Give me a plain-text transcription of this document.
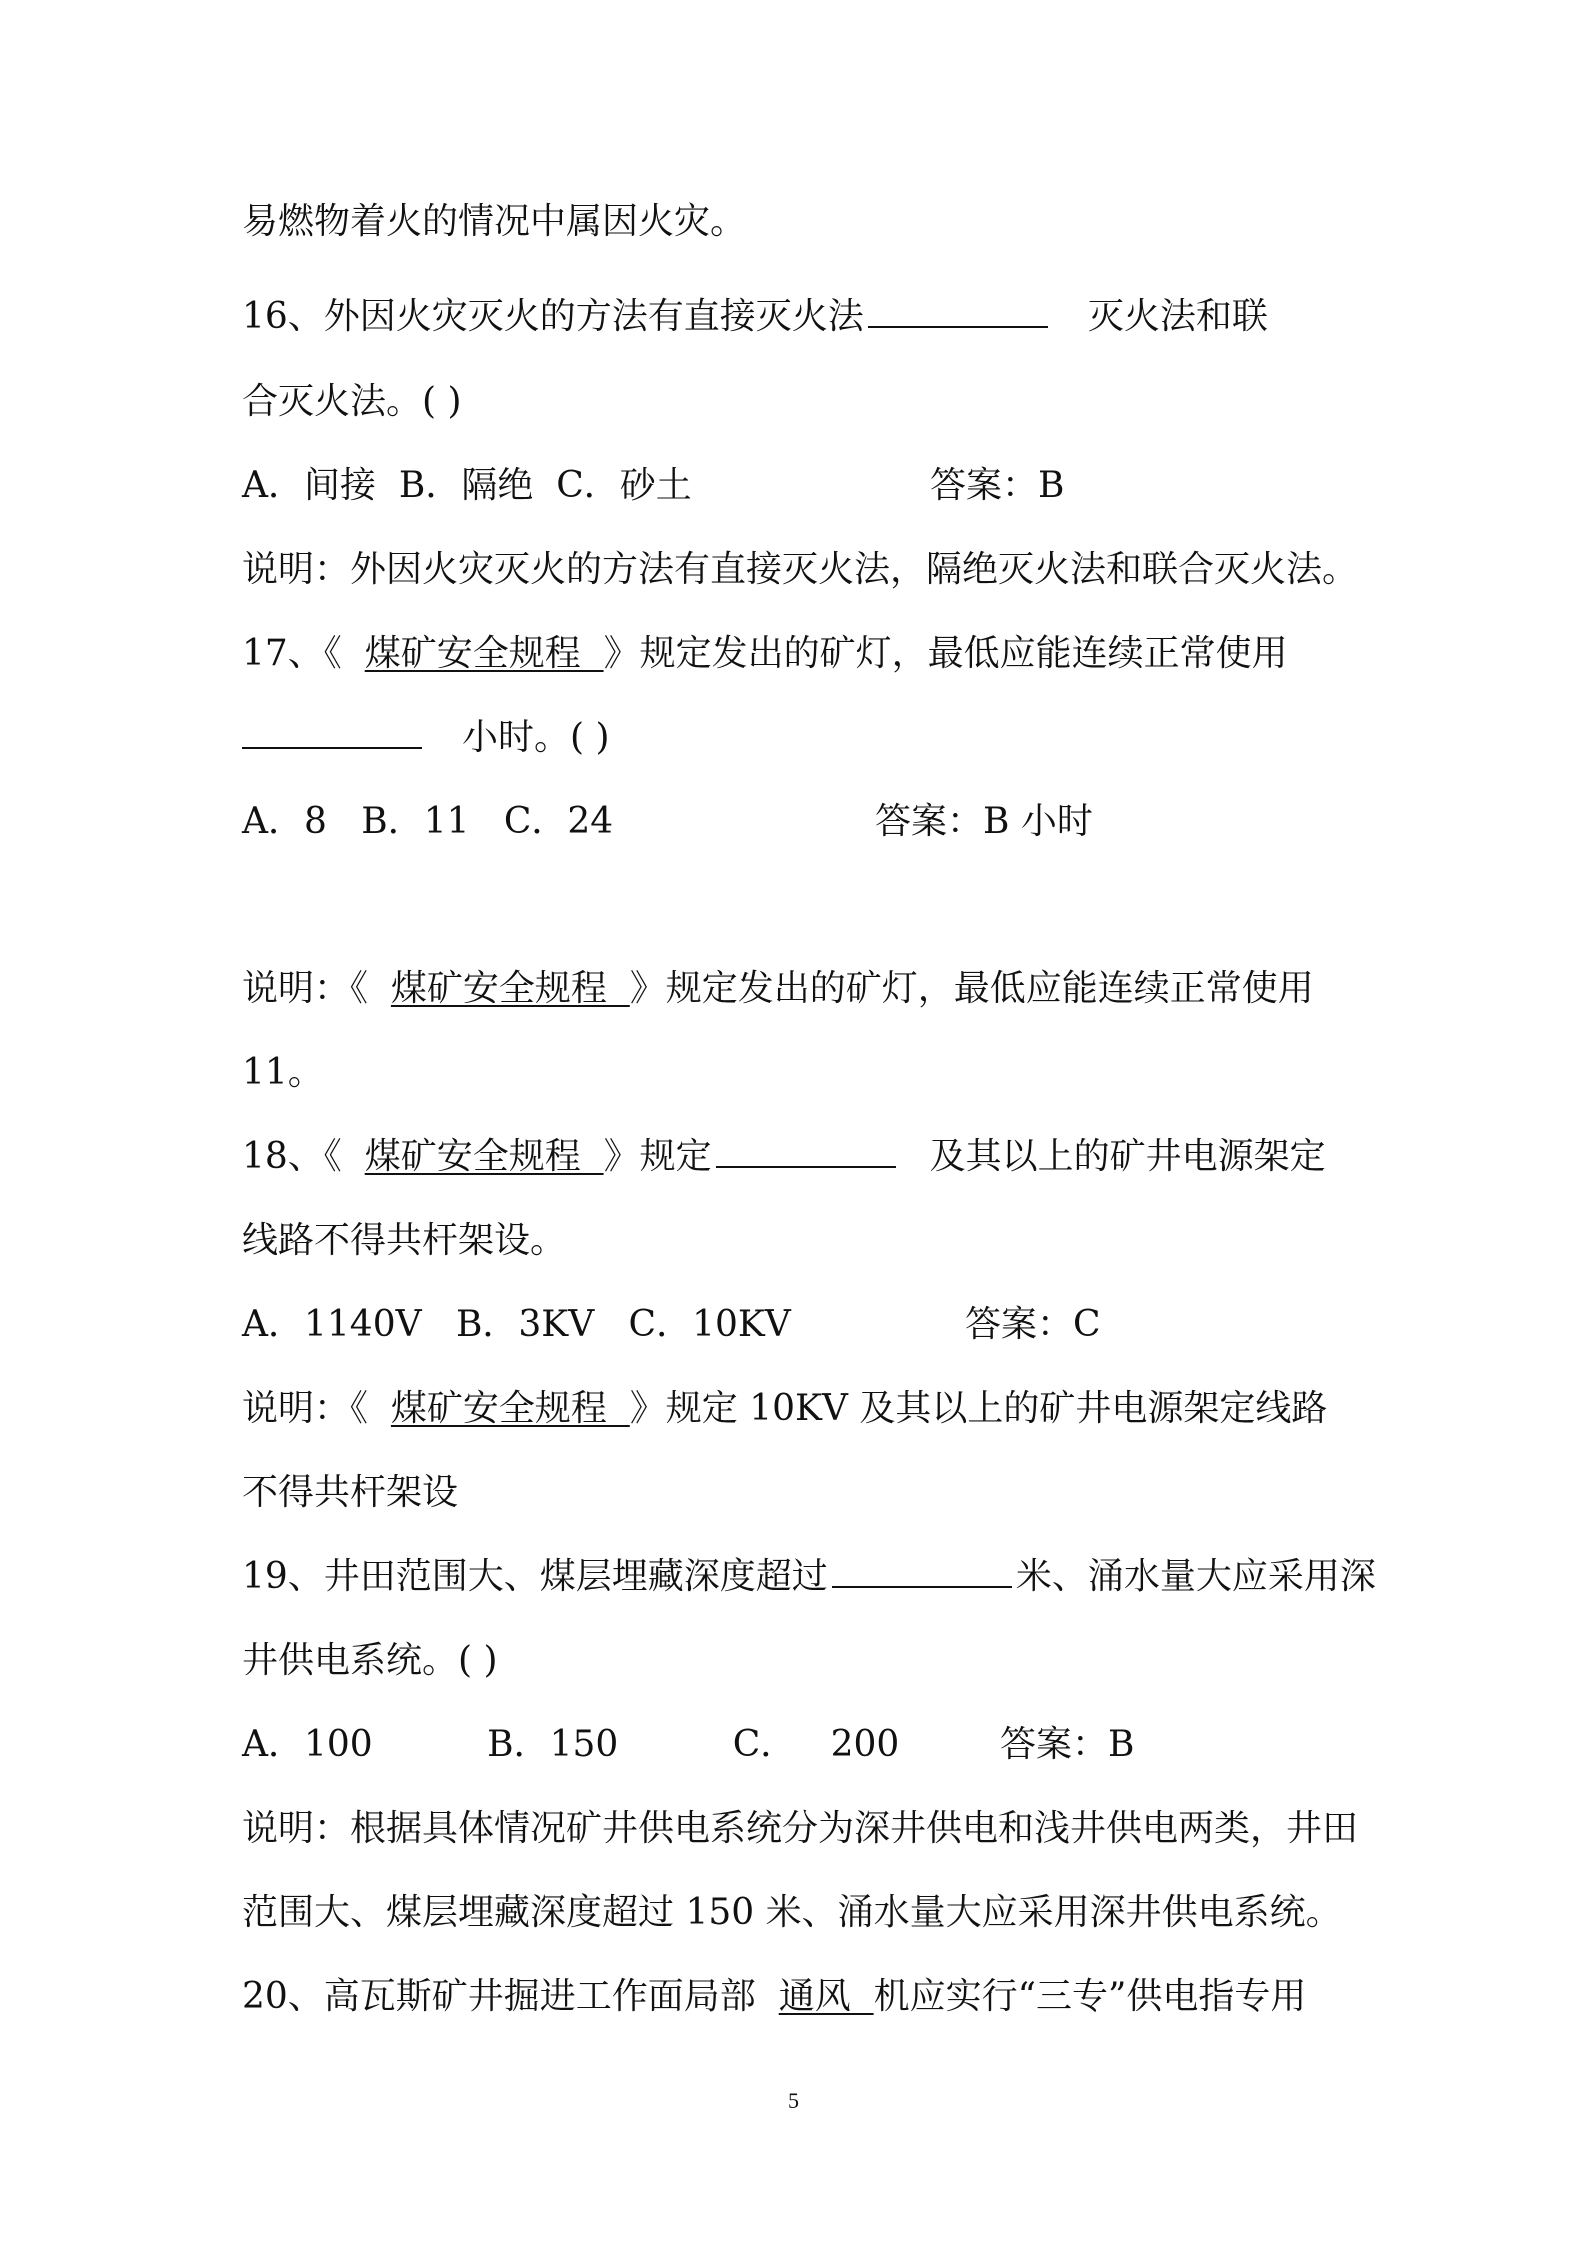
易燃物着火的情况中属因火灾。
16、外因火灾灭火的方法有直接灭火法	灭火法和联
合灭火法。( )
A．间接  B．隔绝  C．砂土	答案：B
说明：外因火灾灭火的方法有直接灭火法，隔绝灭火法和联合灭火法。
17、《  煤矿安全规程  》规定发出的矿灯，最低应能连续正常使用
小时。( )
A．8   B．11   C．24	答案：B 小时
说明：《  煤矿安全规程  》规定发出的矿灯，最低应能连续正常使用
11。
18、《  煤矿安全规程  》规定	及其以上的矿井电源架定
线路不得共杆架设。
A．1140V   B．3KV   C．10KV	答案：C
说明：《  煤矿安全规程  》规定 10KV 及其以上的矿井电源架定线路
不得共杆架设
19、井田范围大、煤层埋藏深度超过	米、涌水量大应采用深
井供电系统。( )
A．100          B．150          C．   200	答案：B
说明：根据具体情况矿井供电系统分为深井供电和浅井供电两类，井田
范围大、煤层埋藏深度超过 150 米、涌水量大应采用深井供电系统。
20、高瓦斯矿井掘进工作面局部  通风  机应实行“三专”供电指专用
5
